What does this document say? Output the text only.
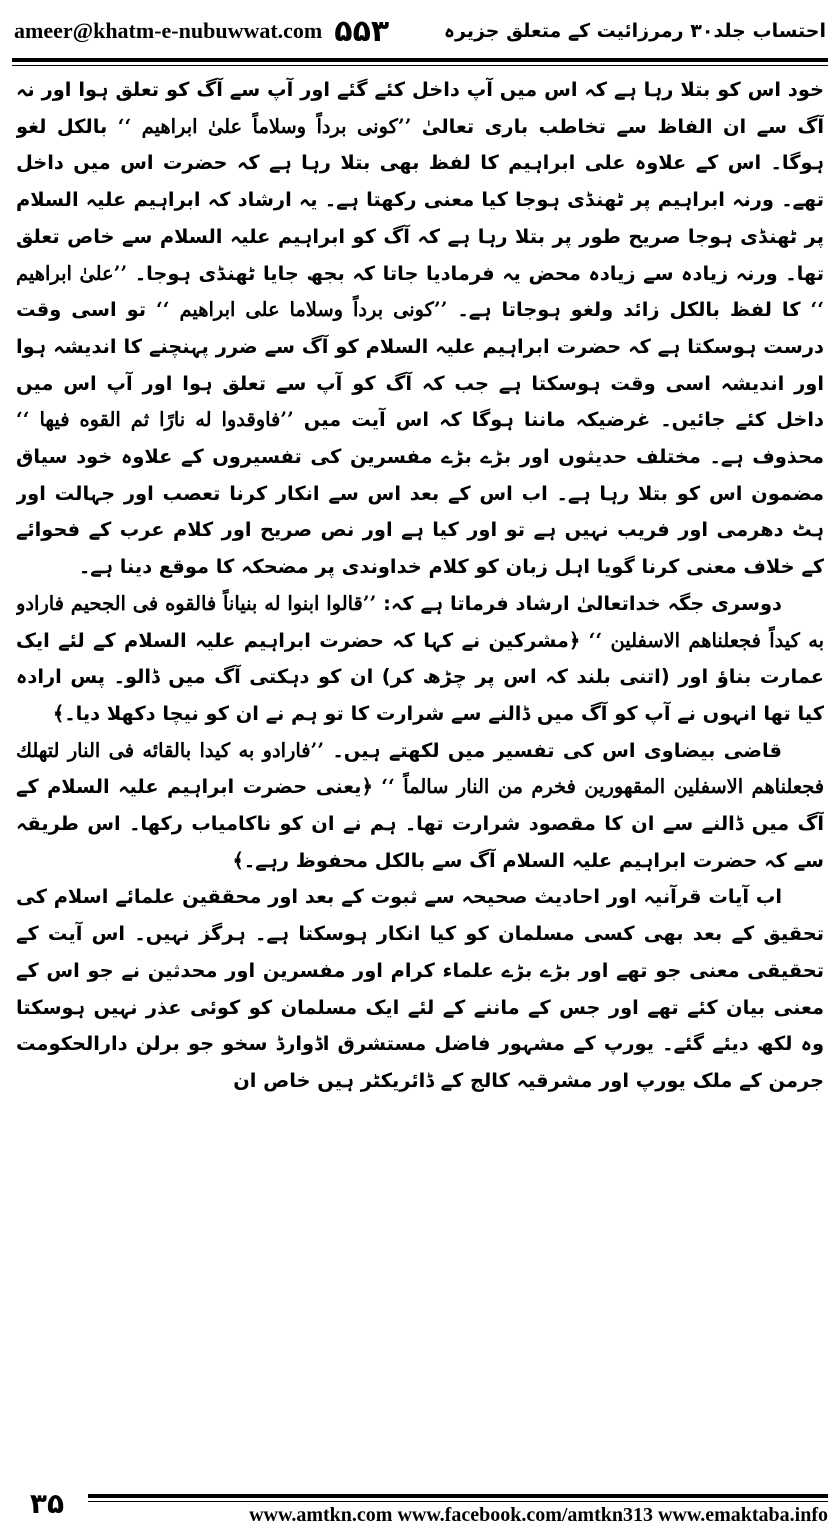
ameer@khatm-e-nubuwwat.com ۵۵۳	احتساب جلد۳۰ رمرزائیت کے متعلق جزیرہ

خود اس کو بتلا رہا ہے کہ اس میں آپ داخل کئے گئے اور آپ سے آگ کو تعلق ہوا اور نہ آگ سے ان الفاظ سے تخاطب باری تعالیٰ ’’کونی برداً وسلاماً علیٰ ابراھیم ‘‘ بالکل لغو ہوگا۔ اس کے علاوہ علی ابراہیم کا لفظ بھی بتلا رہا ہے کہ حضرت اس میں داخل تھے۔ ورنہ ابراہیم پر ٹھنڈی ہوجا کیا معنی رکھتا ہے۔ یہ ارشاد کہ ابراہیم علیہ السلام پر ٹھنڈی ہوجا صریح طور پر بتلا رہا ہے کہ آگ کو ابراہیم علیہ السلام سے خاص تعلق تھا۔ ورنہ زیادہ سے زیادہ محض یہ فرمادیا جاتا کہ بجھ جایا ٹھنڈی ہوجا۔ ’’علیٰ ابراھیم ‘‘ کا لفظ بالکل زائد ولغو ہوجاتا ہے۔ ’’کونی برداً وسلاما علی ابراھیم ‘‘ تو اسی وقت درست ہوسکتا ہے کہ حضرت ابراہیم علیہ السلام کو آگ سے ضرر پہنچنے کا اندیشہ ہوا اور اندیشہ اسی وقت ہوسکتا ہے جب کہ آگ کو آپ سے تعلق ہوا اور آپ اس میں داخل کئے جائیں۔ غرضیکہ ماننا ہوگا کہ اس آیت میں ’’فاوقدوا له نارًا ثم القوه فيها ‘‘ محذوف ہے۔ مختلف حدیثوں اور بڑے بڑے مفسرین کی تفسیروں کے علاوہ خود سیاق مضمون اس کو بتلا رہا ہے۔ اب اس کے بعد اس سے انکار کرنا تعصب اور جہالت اور ہٹ دھرمی اور فریب نہیں ہے تو اور کیا ہے اور نص صریح اور کلام عرب کے فحوائے کے خلاف معنی کرنا گویا اہل زبان کو کلام خداوندی پر مضحکہ کا موقع دینا ہے۔

دوسری جگہ خداتعالیٰ ارشاد فرماتا ہے کہ: ’’قالوا ابنوا له بنياناً فالقوه فی الجحيم فارادو به كيداً فجعلناهم الاسفلين ‘‘ ﴿مشرکین نے کہا کہ حضرت ابراہیم علیہ السلام کے لئے ایک عمارت بناؤ اور (اتنی بلند کہ اس پر چڑھ کر) ان کو دہکتی آگ میں ڈالو۔ پس ارادہ کیا تھا انہوں نے آپ کو آگ میں ڈالنے سے شرارت کا تو ہم نے ان کو نیچا دکھلا دیا۔﴾

قاضی بیضاوی اس کی تفسیر میں لکھتے ہیں۔ ’’فارادو به كيدا بالقائه فی النار لتهلك فجعلناهم الاسفلين المقهورين فخرم من النار سالماً ‘‘ ﴿یعنی حضرت ابراہیم علیہ السلام کے آگ میں ڈالنے سے ان کا مقصود شرارت تھا۔ ہم نے ان کو ناکامیاب رکھا۔ اس طریقہ سے کہ حضرت ابراہیم علیہ السلام آگ سے بالکل محفوظ رہے۔﴾

اب آیات قرآنیہ اور احادیث صحیحہ سے ثبوت کے بعد اور محققین علمائے اسلام کی تحقیق کے بعد بھی کسی مسلمان کو کیا انکار ہوسکتا ہے۔ ہرگز نہیں۔ اس آیت کے تحقیقی معنی جو تھے اور بڑے بڑے علماء کرام اور مفسرین اور محدثین نے جو اس کے معنی بیان کئے تھے اور جس کے ماننے کے لئے ایک مسلمان کو کوئی عذر نہیں ہوسکتا وہ لکھ دیئے گئے۔ یورپ کے مشہور فاضل مستشرق اڈوارڈ سخو جو برلن دارالحکومت جرمن کے ملک یورپ اور مشرقیہ کالج کے ڈائریکٹر ہیں خاص ان

۳۵	www.amtkn.com www.facebook.com/amtkn313 www.emaktaba.info
